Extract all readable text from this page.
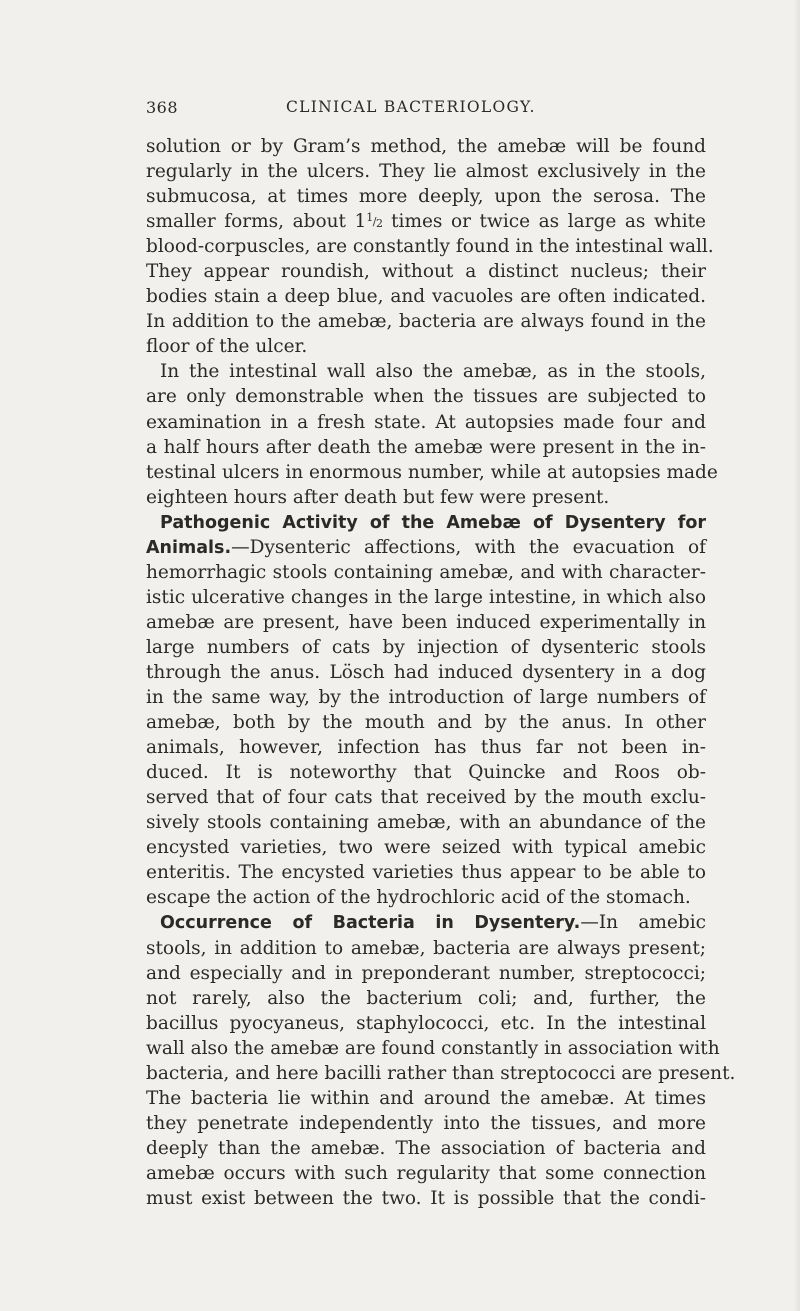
368	CLINICAL BACTERIOLOGY.
solution or by Gram’s method, the amebæ will be found
regularly in the ulcers. They lie almost exclusively in the
submucosa, at times more deeply, upon the serosa. The
smaller forms, about 11/2 times or twice as large as white
blood-corpuscles, are constantly found in the intestinal wall.
They appear roundish, without a distinct nucleus; their
bodies stain a deep blue, and vacuoles are often indicated.
In addition to the amebæ, bacteria are always found in the
floor of the ulcer.
In the intestinal wall also the amebæ, as in the stools,
are only demonstrable when the tissues are subjected to
examination in a fresh state. At autopsies made four and
a half hours after death the amebæ were present in the in-
testinal ulcers in enormous number, while at autopsies made
eighteen hours after death but few were present.
Pathogenic Activity of the Amebæ of Dysentery for
Animals.—Dysenteric affections, with the evacuation of
hemorrhagic stools containing amebæ, and with character-
istic ulcerative changes in the large intestine, in which also
amebæ are present, have been induced experimentally in
large numbers of cats by injection of dysenteric stools
through the anus. Lösch had induced dysentery in a dog
in the same way, by the introduction of large numbers of
amebæ, both by the mouth and by the anus. In other
animals, however, infection has thus far not been in-
duced. It is noteworthy that Quincke and Roos ob-
served that of four cats that received by the mouth exclu-
sively stools containing amebæ, with an abundance of the
encysted varieties, two were seized with typical amebic
enteritis. The encysted varieties thus appear to be able to
escape the action of the hydrochloric acid of the stomach.
Occurrence of Bacteria in Dysentery.—In amebic
stools, in addition to amebæ, bacteria are always present;
and especially and in preponderant number, streptococci;
not rarely, also the bacterium coli; and, further, the
bacillus pyocyaneus, staphylococci, etc. In the intestinal
wall also the amebæ are found constantly in association with
bacteria, and here bacilli rather than streptococci are present.
The bacteria lie within and around the amebæ. At times
they penetrate independently into the tissues, and more
deeply than the amebæ. The association of bacteria and
amebæ occurs with such regularity that some connection
must exist between the two. It is possible that the condi-
